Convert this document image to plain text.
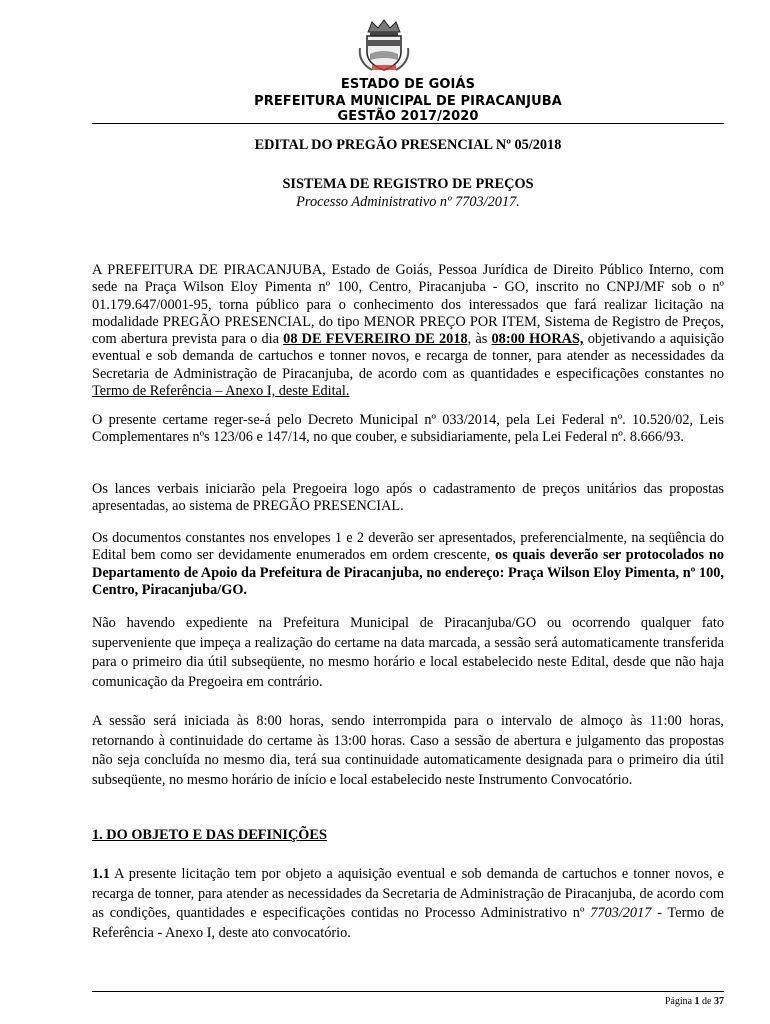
ESTADO DE GOIÁS
PREFEITURA MUNICIPAL DE PIRACANJUBA
GESTÃO 2017/2020
EDITAL DO PREGÃO PRESENCIAL Nº 05/2018
SISTEMA DE REGISTRO DE PREÇOS
Processo Administrativo nº 7703/2017.
A PREFEITURA DE PIRACANJUBA, Estado de Goiás, Pessoa Jurídica de Direito Público Interno, com sede na Praça Wilson Eloy Pimenta nº 100, Centro, Piracanjuba - GO, inscrito no CNPJ/MF sob o nº 01.179.647/0001-95, torna público para o conhecimento dos interessados que fará realizar licitação na modalidade PREGÃO PRESENCIAL, do tipo MENOR PREÇO POR ITEM, Sistema de Registro de Preços, com abertura prevista para o dia 08 DE FEVEREIRO DE 2018, às 08:00 HORAS, objetivando a aquisição eventual e sob demanda de cartuchos e tonner novos, e recarga de tonner, para atender as necessidades da Secretaria de Administração de Piracanjuba, de acordo com as quantidades e especificações constantes no Termo de Referência – Anexo I, deste Edital.
O presente certame reger-se-á pelo Decreto Municipal nº 033/2014, pela Lei Federal nº. 10.520/02, Leis Complementares nºs 123/06 e 147/14, no que couber, e subsidiariamente, pela Lei Federal nº. 8.666/93.
Os lances verbais iniciarão pela Pregoeira logo após o cadastramento de preços unitários das propostas apresentadas, ao sistema de PREGÃO PRESENCIAL.
Os documentos constantes nos envelopes 1 e 2 deverão ser apresentados, preferencialmente, na seqüência do Edital bem como ser devidamente enumerados em ordem crescente, os quais deverão ser protocolados no Departamento de Apoio da Prefeitura de Piracanjuba, no endereço: Praça Wilson Eloy Pimenta, nº 100, Centro, Piracanjuba/GO.
Não havendo expediente na Prefeitura Municipal de Piracanjuba/GO ou ocorrendo qualquer fato superveniente que impeça a realização do certame na data marcada, a sessão será automaticamente transferida para o primeiro dia útil subseqüente, no mesmo horário e local estabelecido neste Edital, desde que não haja comunicação da Pregoeira em contrário.
A sessão será iniciada às 8:00 horas, sendo interrompida para o intervalo de almoço às 11:00 horas, retornando à continuidade do certame às 13:00 horas. Caso a sessão de abertura e julgamento das propostas não seja concluída no mesmo dia, terá sua continuidade automaticamente designada para o primeiro dia útil subseqüente, no mesmo horário de início e local estabelecido neste Instrumento Convocatório.
1. DO OBJETO E DAS DEFINIÇÕES
1.1 A presente licitação tem por objeto a aquisição eventual e sob demanda de cartuchos e tonner novos, e recarga de tonner, para atender as necessidades da Secretaria de Administração de Piracanjuba, de acordo com as condições, quantidades e especificações contidas no Processo Administrativo nº 7703/2017 - Termo de Referência - Anexo I, deste ato convocatório.
Página 1 de 37
